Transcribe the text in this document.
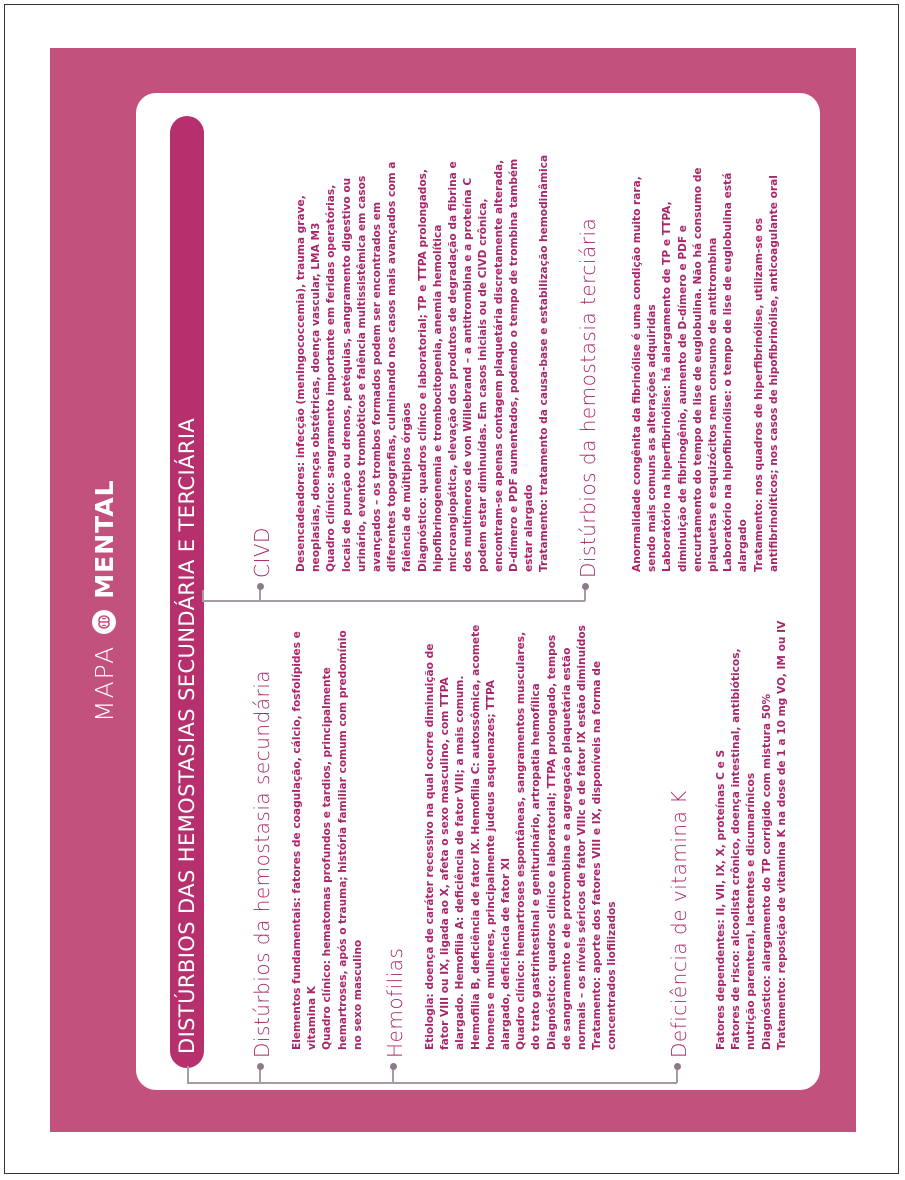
MAPA
MENTAL	DISTÚRBIOS DAS HEMOSTASIAS SECUNDÁRIA E TERCIÁRIA	Distúrbios da hemostasia secundária	Hemofilias	Deficiência de vitamina K
CIVD	Distúrbios da hemostasia terciária

Elementos fundamentais: fatores de coagulação, cálcio, fosfolípides e vitamina K Quadro clínico: hematomas profundos e tardios, principalmente hemartroses, após o trauma; história familiar comum com predomínio no sexo masculino	Etiologia: doença de caráter recessivo na qual ocorre diminuição de fator VIII ou IX, ligada ao X, afeta o sexo masculino, com TTPA alargado. Hemofilia A: deficiência de fator VIII; a mais comum. Hemofilia B, deficiência de fator IX. Hemofilia C: autossômica, acomete homens e mulheres, principalmente judeus asquenazes; TTPA alargado, deficiência de fator XI Quadro clínico: hemartroses espontâneas, sangramentos musculares, do trato gastrintestinal e geniturinário, artropatia hemofílica Diagnóstico: quadros clínico e laboratorial; TTPA prolongado, tempos de sangramento e de protrombina e a agregação plaquetária estão normais – os níveis séricos de fator VIIIc e de fator IX estão diminuídos Tratamento: aporte dos fatores VIII e IX, disponíveis na forma de concentrados liofilizados	Fatores dependentes: II, VII, IX, X, proteínas C e S Fatores de risco: alcoolista crônico, doença intestinal, antibióticos, nutrição parenteral, lactentes e dicumarínicos Diagnóstico: alargamento do TP corrigido com mistura 50% Tratamento: reposição de vitamina K na dose de 1 a 10 mg VO, IM ou IV

Desencadeadores: infecção (meningococcemia), trauma grave, neoplasias, doenças obstétricas, doença vascular, LMA M3 Quadro clínico: sangramento importante em feridas operatórias, locais de punção ou drenos, petéquias, sangramento digestivo ou urinário, eventos trombóticos e falência multissistêmica em casos avançados – os trombos formados podem ser encontrados em diferentes topografias, culminando nos casos mais avançados com a falência de múltiplos órgãos Diagnóstico: quadros clínico e laboratorial; TP e TTPA prolongados, hipofibrinogenemia e trombocitopenia, anemia hemolítica microangiopática, elevação dos produtos de degradação da fibrina e dos multímeros de von Willebrand – a antitrombina e a proteína C podem estar diminuídas. Em casos iniciais ou de CIVD crônica, encontram-se apenas contagem plaquetária discretamente alterada, D-dímero e PDF aumentados, podendo o tempo de trombina também estar alargado Tratamento: tratamento da causa-base e estabilização hemodinâmica	Anormalidade congênita da fibrinólise é uma condição muito rara, sendo mais comuns as alterações adquiridas Laboratório na hiperfibrinólise: há alargamento de TP e TTPA, diminuição de fibrinogênio, aumento de D-dímero e PDF e encurtamento do tempo de lise de euglobulina. Não há consumo de plaquetas e esquizócitos nem consumo de antitrombina Laboratório na hipofibrinólise: o tempo de lise de euglobulina está alargado Tratamento: nos quadros de hiperfibrinólise, utilizam-se os antifibrinolíticos; nos casos de hipofibrinólise, anticoagulante oral
